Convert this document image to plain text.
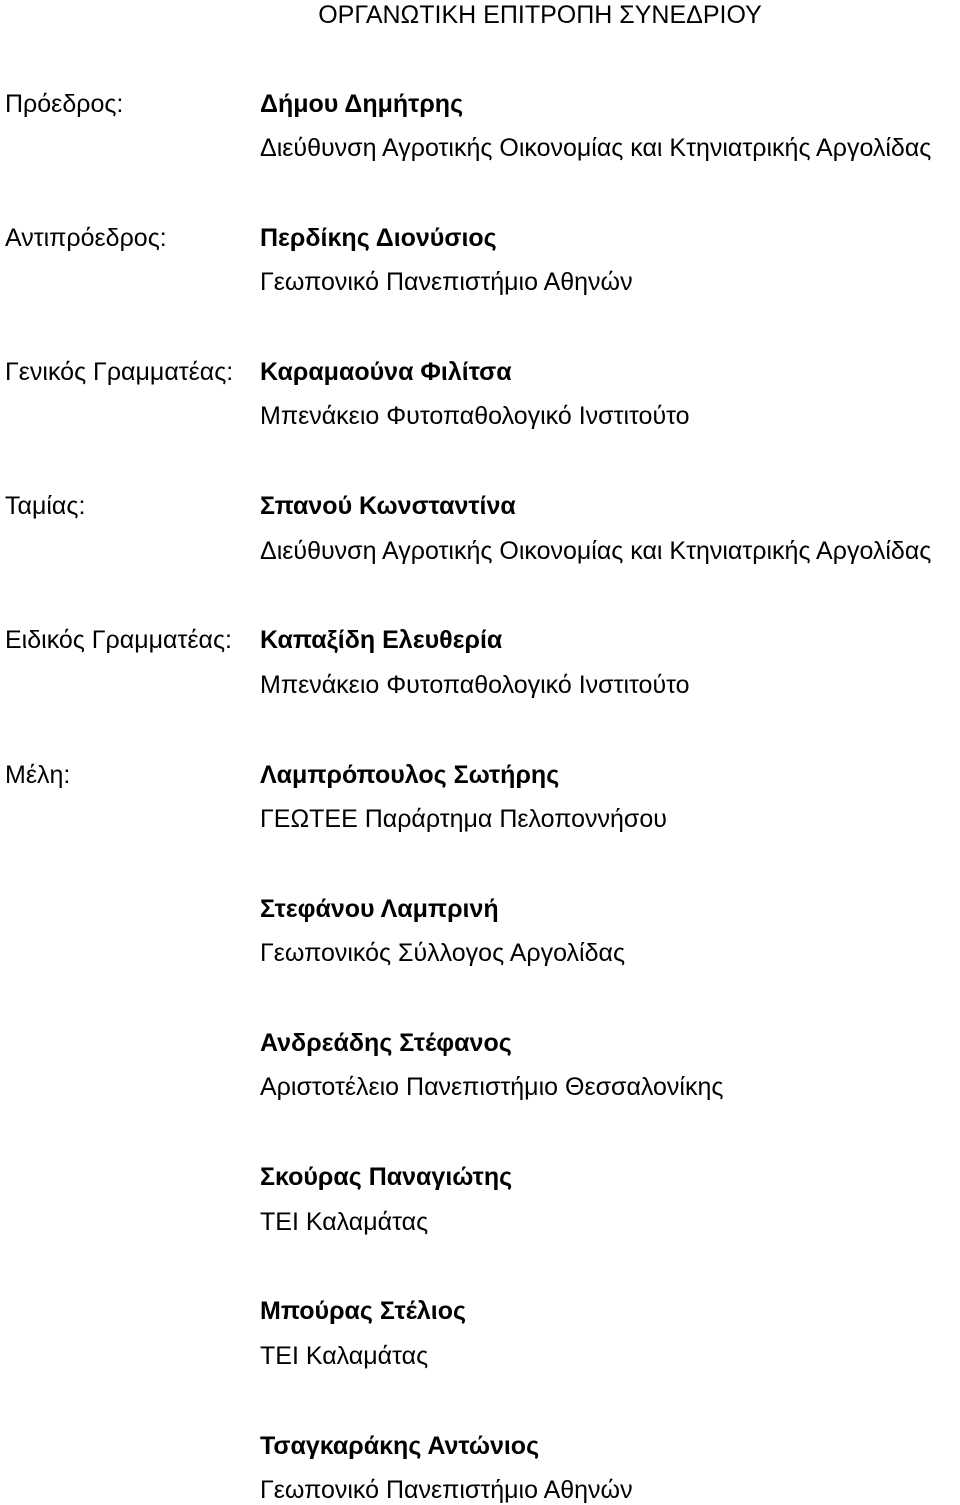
ΟΡΓΑΝΩΤΙΚΗ ΕΠΙΤΡΟΠΗ ΣΥΝΕΔΡΙΟΥ
Πρόεδρος:	Δήμου Δημήτρης
Διεύθυνση Αγροτικής Οικονομίας και Κτηνιατρικής Αργολίδας
Αντιπρόεδρος:	Περδίκης Διονύσιος
Γεωπονικό Πανεπιστήμιο Αθηνών
Γενικός Γραμματέας: Καραμαούνα Φιλίτσα
Μπενάκειο Φυτοπαθολογικό Ινστιτούτο
Ταμίας:	Σπανού Κωνσταντίνα
Διεύθυνση Αγροτικής Οικονομίας και Κτηνιατρικής Αργολίδας
Ειδικός Γραμματέας: Καπαξίδη Ελευθερία
Μπενάκειο Φυτοπαθολογικό Ινστιτούτο
Μέλη:	Λαμπρόπουλος Σωτήρης
ΓΕΩΤΕΕ Παράρτημα Πελοποννήσου
Στεφάνου Λαμπρινή
Γεωπονικός Σύλλογος Αργολίδας
Ανδρεάδης Στέφανος
Αριστοτέλειο Πανεπιστήμιο Θεσσαλονίκης
Σκούρας Παναγιώτης
ΤΕΙ Καλαμάτας
Μπούρας Στέλιος
ΤΕΙ Καλαμάτας
Τσαγκαράκης Αντώνιος
Γεωπονικό Πανεπιστήμιο Αθηνών
